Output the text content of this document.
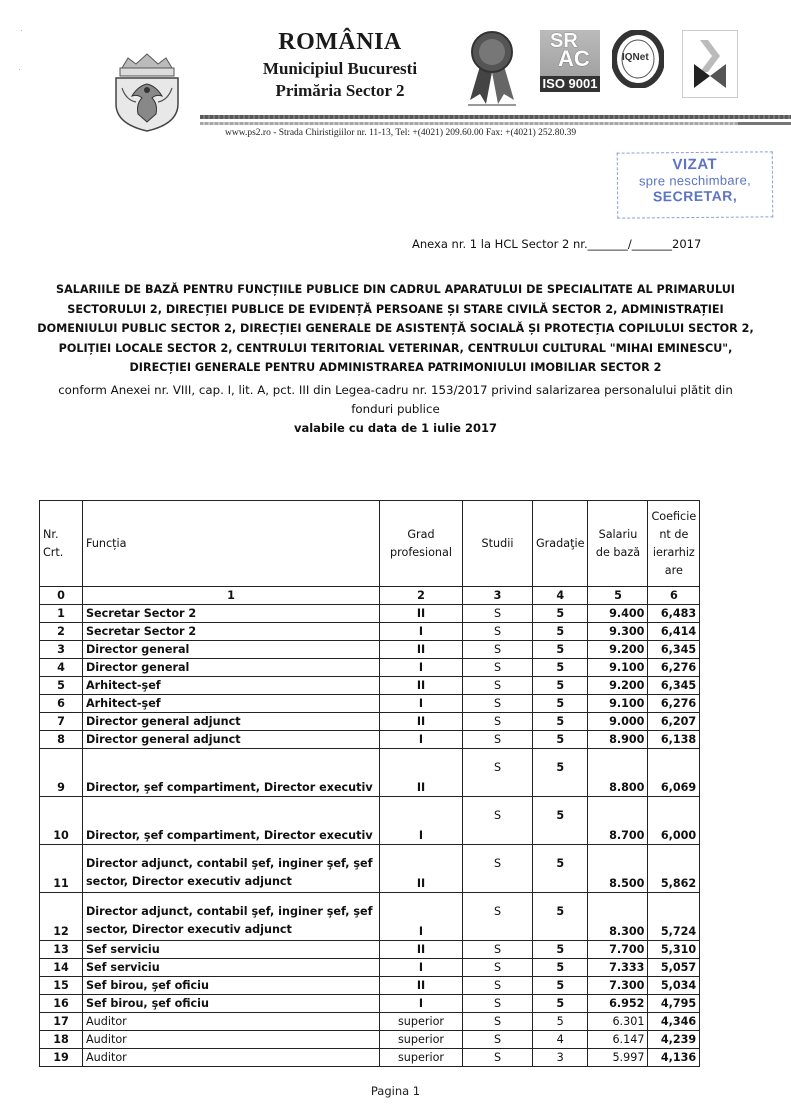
·
·
ROMÂNIA
Municipiul Bucuresti
Primăria Sector 2
SR
AC
ISO 9001
IQNet
www.ps2.ro - Strada Chiristigiilor nr. 11-13, Tel: +(4021) 209.60.00 Fax: +(4021) 252.80.39
VIZAT
spre neschimbare,
SECRETAR,
Anexa nr. 1 la HCL Sector 2 nr._______/_______2017
SALARIILE DE BAZĂ PENTRU FUNCȚIILE PUBLICE DIN CADRUL APARATULUI DE SPECIALITATE AL PRIMARULUI
SECTORULUI 2, DIRECȚIEI PUBLICE DE EVIDENȚĂ PERSOANE ȘI STARE CIVILĂ SECTOR 2, ADMINISTRAȚIEI
DOMENIULUI PUBLIC SECTOR 2, DIRECȚIEI GENERALE DE ASISTENȚĂ SOCIALĂ ȘI PROTECȚIA COPILULUI SECTOR 2,
POLIȚIEI LOCALE SECTOR 2, CENTRULUI TERITORIAL VETERINAR, CENTRULUI CULTURAL "MIHAI EMINESCU",
DIRECȚIEI GENERALE PENTRU ADMINISTRAREA PATRIMONIULUI IMOBILIAR SECTOR 2
conform Anexei nr. VIII, cap. I, lit. A, pct. III din Legea-cadru nr. 153/2017 privind salarizarea personalului plătit din
fonduri publice
valabile cu data de 1 iulie 2017
Nr. Crt.	Funcția	Grad profesional	Studii	Gradaţie	Salariu de bază	Coeficie nt de ierarhiz are
0	1	2	3	4	5	6
1	Secretar Sector 2	II	S	5	9.400	6,483
2	Secretar Sector 2	I	S	5	9.300	6,414
3	Director general	II	S	5	9.200	6,345
4	Director general	I	S	5	9.100	6,276
5	Arhitect-şef	II	S	5	9.200	6,345
6	Arhitect-şef	I	S	5	9.100	6,276
7	Director general adjunct	II	S	5	9.000	6,207
8	Director general adjunct	I	S	5	8.900	6,138
9	Director, şef compartiment, Director executiv	II	S	5	8.800	6,069
10	Director, şef compartiment, Director executiv	I	S	5	8.700	6,000
11	Director adjunct, contabil şef, inginer şef, şef
sector, Director executiv adjunct	II	S	5	8.500	5,862
12	Director adjunct, contabil şef, inginer şef, şef
sector, Director executiv adjunct	I	S	5	8.300	5,724
13	Sef serviciu	II	S	5	7.700	5,310
14	Sef serviciu	I	S	5	7.333	5,057
15	Sef birou, şef oficiu	II	S	5	7.300	5,034
16	Sef birou, şef oficiu	I	S	5	6.952	4,795
17	Auditor	superior	S	5	6.301	4,346
18	Auditor	superior	S	4	6.147	4,239
19	Auditor	superior	S	3	5.997	4,136
Pagina 1
